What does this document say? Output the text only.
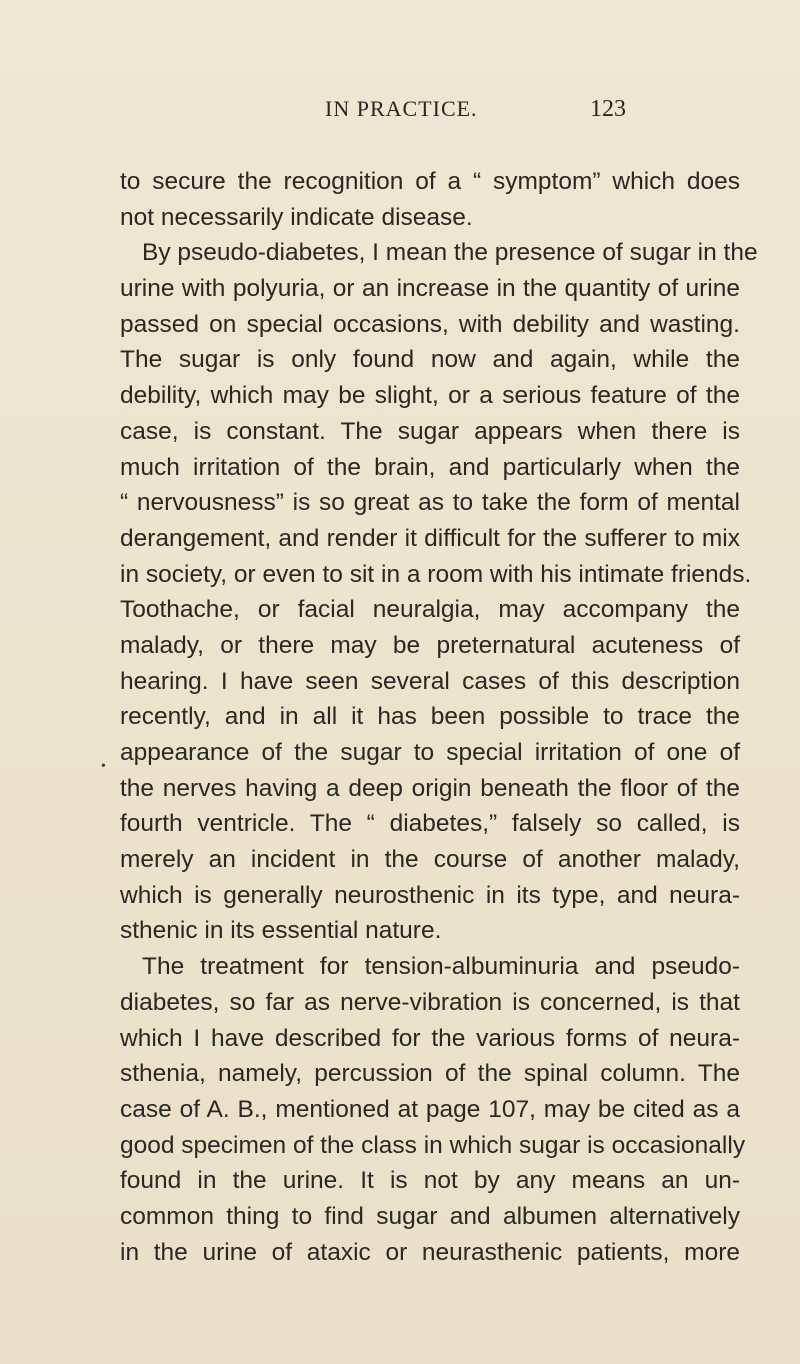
IN PRACTICE.	123
•
to secure the recognition of a “ symptom” which does
not necessarily indicate disease.
By pseudo-diabetes, I mean the presence of sugar in the
urine with polyuria, or an increase in the quantity of urine
passed on special occasions, with debility and wasting.
The sugar is only found now and again, while the
debility, which may be slight, or a serious feature of the
case, is constant. The sugar appears when there is
much irritation of the brain, and particularly when the
“ nervousness” is so great as to take the form of mental
derangement, and render it difficult for the sufferer to mix
in society, or even to sit in a room with his intimate friends.
Toothache, or facial neuralgia, may accompany the
malady, or there may be preternatural acuteness of
hearing. I have seen several cases of this description
recently, and in all it has been possible to trace the
appearance of the sugar to special irritation of one of
the nerves having a deep origin beneath the floor of the
fourth ventricle. The “ diabetes,” falsely so called, is
merely an incident in the course of another malady,
which is generally neurosthenic in its type, and neura-
sthenic in its essential nature.
The treatment for tension-albuminuria and pseudo-
diabetes, so far as nerve-vibration is concerned, is that
which I have described for the various forms of neura-
sthenia, namely, percussion of the spinal column. The
case of A. B., mentioned at page 107, may be cited as a
good specimen of the class in which sugar is occasionally
found in the urine. It is not by any means an un-
common thing to find sugar and albumen alternatively
in the urine of ataxic or neurasthenic patients, more
